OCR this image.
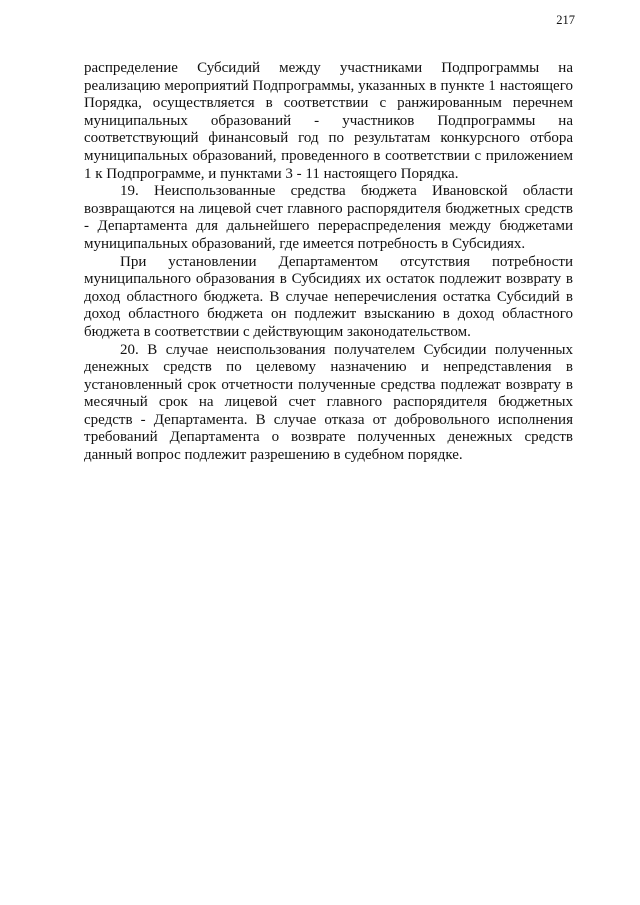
217

распределение Субсидий между участниками Подпрограммы на реализацию мероприятий Подпрограммы, указанных в пункте 1 настоящего Порядка, осуществляется в соответствии с ранжированным перечнем муниципальных образований - участников Подпрограммы на соответствующий финансовый год по результатам конкурсного отбора муниципальных образований, проведенного в соответствии с приложением 1 к Подпрограмме, и пунктами 3 - 11 настоящего Порядка.

19. Неиспользованные средства бюджета Ивановской области возвращаются на лицевой счет главного распорядителя бюджетных средств - Департамента для дальнейшего перераспределения между бюджетами муниципальных образований, где имеется потребность в Субсидиях.

При установлении Департаментом отсутствия потребности муниципального образования в Субсидиях их остаток подлежит возврату в доход областного бюджета. В случае неперечисления остатка Субсидий в доход областного бюджета он подлежит взысканию в доход областного бюджета в соответствии с действующим законодательством.

20. В случае неиспользования получателем Субсидии полученных денежных средств по целевому назначению и непредставления в установленный срок отчетности полученные средства подлежат возврату в месячный срок на лицевой счет главного распорядителя бюджетных средств - Департамента. В случае отказа от добровольного исполнения требований Департамента о возврате полученных денежных средств данный вопрос подлежит разрешению в судебном порядке.
